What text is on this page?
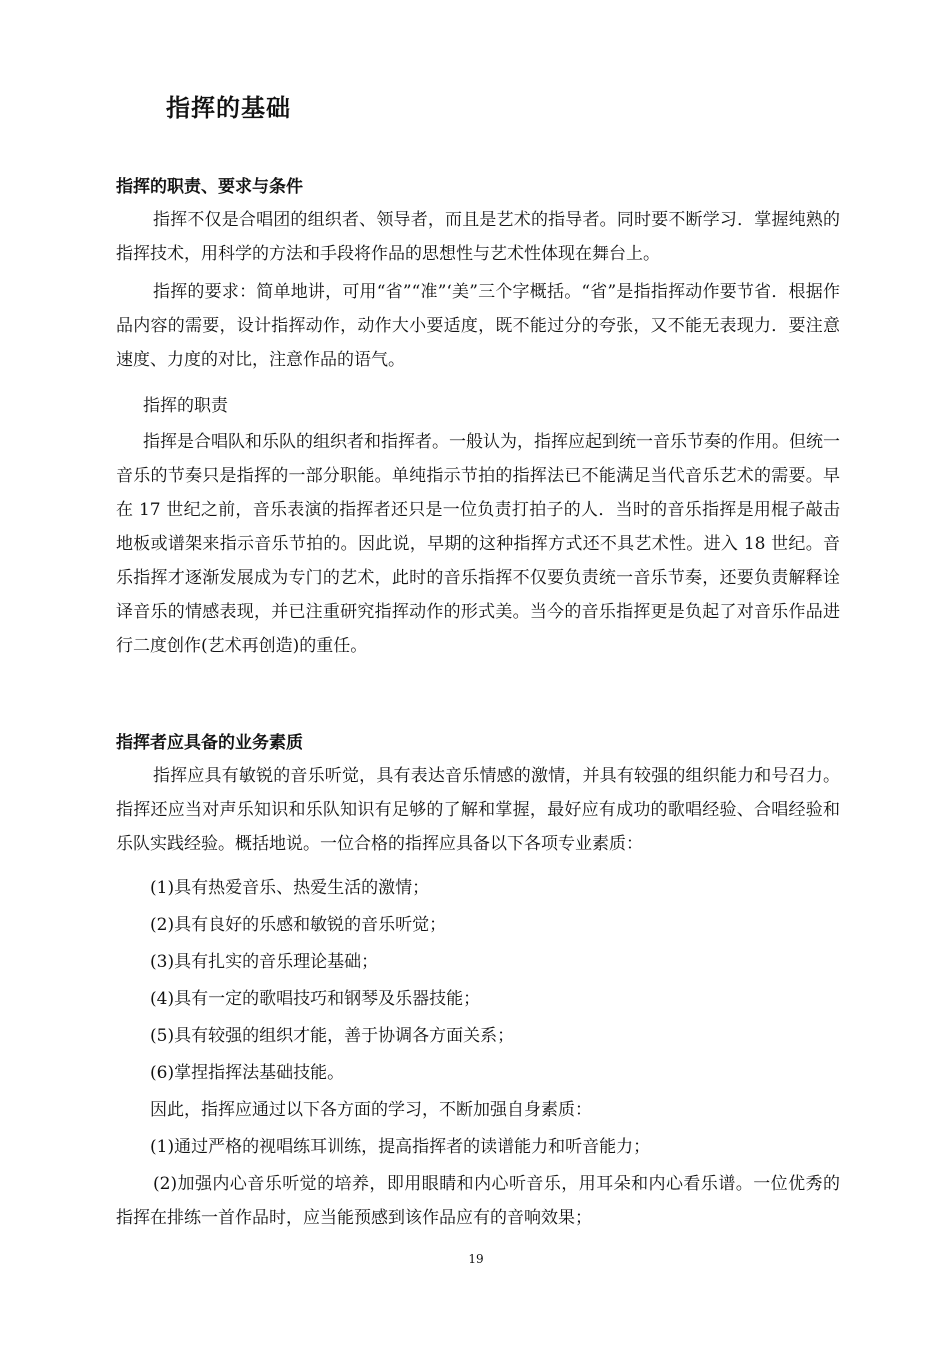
指挥的基础
指挥的职责、要求与条件

指挥不仅是合唱团的组织者、领导者，而且是艺术的指导者。同时要不断学习．掌握纯熟的指挥技术，用科学的方法和手段将作品的思想性与艺术性体现在舞台上。

指挥的要求：简单地讲，可用“省”“准”‘美”三个字概括。“省”是指指挥动作要节省．根据作品内容的需要，设计指挥动作，动作大小要适度，既不能过分的夸张，又不能无表现力．要注意速度、力度的对比，注意作品的语气。

指挥的职责

指挥是合唱队和乐队的组织者和指挥者。一般认为，指挥应起到统一音乐节奏的作用。但统一音乐的节奏只是指挥的一部分职能。单纯指示节拍的指挥法已不能满足当代音乐艺术的需要。早在 17 世纪之前，音乐表演的指挥者还只是一位负责打拍子的人．当时的音乐指挥是用棍子敲击地板或谱架来指示音乐节拍的。因此说，早期的这种指挥方式还不具艺术性。进入 18 世纪。音乐指挥才逐渐发展成为专门的艺术，此时的音乐指挥不仅要负责统一音乐节奏，还要负责解释诠译音乐的情感表现，并已注重研究指挥动作的形式美。当今的音乐指挥更是负起了对音乐作品进行二度创作(艺术再创造)的重任。

指挥者应具备的业务素质

指挥应具有敏锐的音乐听觉，具有表达音乐情感的激情，并具有较强的组织能力和号召力。指挥还应当对声乐知识和乐队知识有足够的了解和掌握，最好应有成功的歌唱经验、合唱经验和乐队实践经验。概括地说。一位合格的指挥应具备以下各项专业素质：

(1)具有热爱音乐、热爱生活的激情；

(2)具有良好的乐感和敏锐的音乐听觉；

(3)具有扎实的音乐理论基础；

(4)具有一定的歌唱技巧和钢琴及乐器技能；

(5)具有较强的组织才能，善于协调各方面关系；

(6)掌捏指挥法基础技能。

因此，指挥应通过以下各方面的学习，不断加强自身素质：

(1)通过严格的视唱练耳训练，提高指挥者的读谱能力和听音能力；

(2)加强内心音乐听觉的培养，即用眼睛和内心听音乐，用耳朵和内心看乐谱。一位优秀的指挥在排练一首作品时，应当能预感到该作品应有的音响效果；

19
